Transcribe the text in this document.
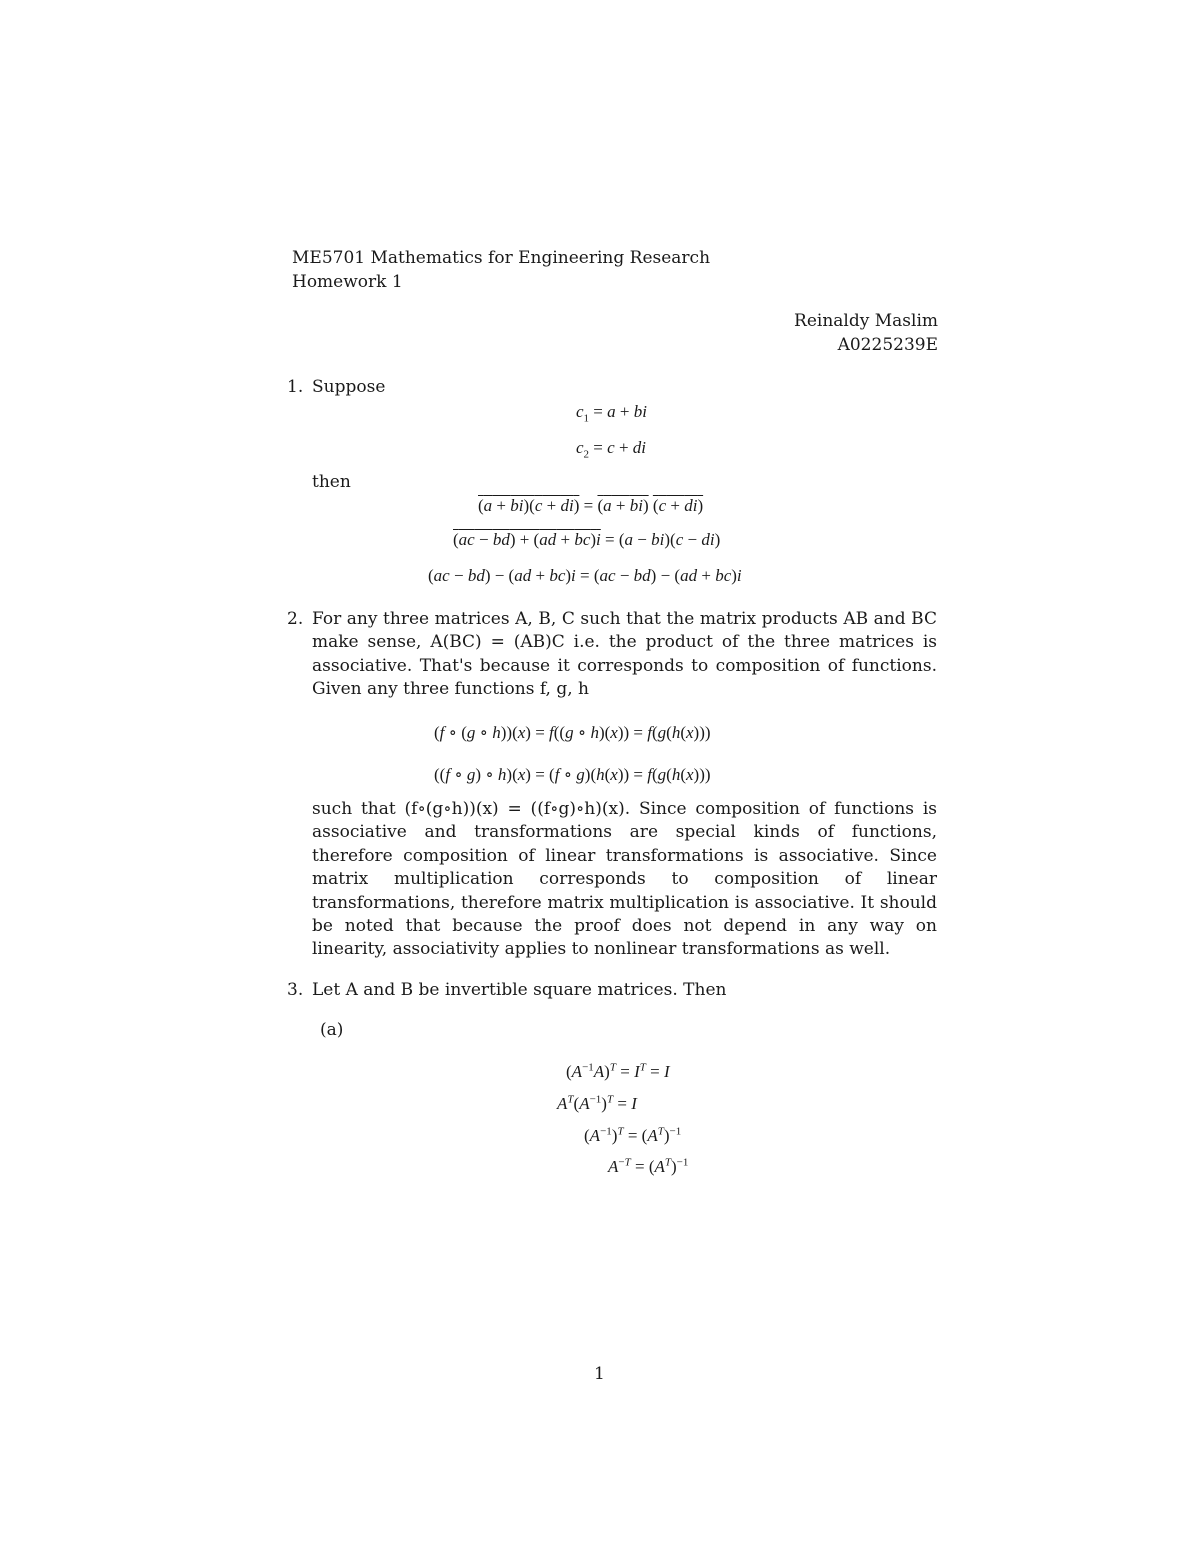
ME5701 Mathematics for Engineering Research
Homework 1
Reinaldy Maslim
A0225239E
1. Suppose
$c_1 = a$ + bi
$c_2 = c$ + di
then
(a + bi)(c + di) = (a + bi) (c + di)
(ac − bd) + (ad + bc)i = (a − bi)(c − di)
(ac − bd) − (ad + bc)i = (ac − bd) − (ad + bc)i
2. For any three matrices A, B, C such that the matrix products AB and BC make sense, A(BC) = (AB)C i.e. the product of the three matrices is associative. That's because it corresponds to composition of functions. Given any three functions f, g, h
(f ∘ (g ∘ h))(x) = f((g ∘ h)(x)) = f(g(h(x)))
((f ∘ g) ∘ h)(x) = (f ∘ g)(h(x)) = f(g(h(x)))
such that (f∘(g∘h))(x) = ((f∘g)∘h)(x). Since composition of functions is associative and transformations are special kinds of functions, therefore composition of linear transformations is associative. Since matrix multiplication corresponds to composition of linear transformations, therefore matrix multiplication is associative. It should be noted that because the proof does not depend in any way on linearity, associativity applies to nonlinear transformations as well.
3. Let A and B be invertible square matrices. Then
(a)
$(A^{-1}A)^T = I^T = I$
$A^T(A^{-1})^T = I$
$(A^{-1})^T = (A^T)^{-1}$
$A^{-T} = (A^T)^{-1}$
1
